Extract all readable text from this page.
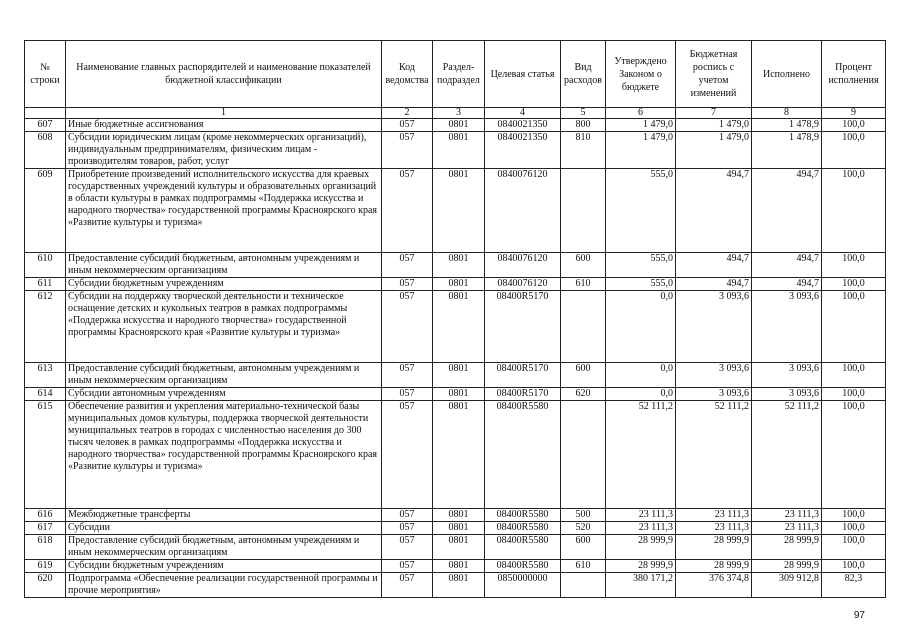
№ строки	Наименование главных распорядителей и наименование показателей бюджетной классификации	Код ведомства	Раздел-подраздел	Целевая статья	Вид расходов	Утверждено Законом о бюджете	Бюджетная роспись с учетом изменений	Исполнено	Процент исполнения
	1	2	3	4	5	6	7	8	9
607	Иные бюджетные ассигнования	057	0801	0840021350	800	1 479,0	1 479,0	1 478,9	100,0
608	Субсидии юридическим лицам (кроме некоммерческих организаций), индивидуальным предпринимателям, физическим лицам - производителям товаров, работ, услуг	057	0801	0840021350	810	1 479,0	1 479,0	1 478,9	100,0
609	Приобретение произведений исполнительского искусства для краевых государственных учреждений культуры и образовательных организаций в области культуры в рамках подпрограммы «Поддержка искусства и народного творчества» государственной программы Красноярского края «Развитие культуры и туризма»	057	0801	0840076120		555,0	494,7	494,7	100,0
610	Предоставление субсидий бюджетным, автономным учреждениям и иным некоммерческим организациям	057	0801	0840076120	600	555,0	494,7	494,7	100,0
611	Субсидии бюджетным учреждениям	057	0801	0840076120	610	555,0	494,7	494,7	100,0
612	Субсидии на поддержку творческой деятельности и техническое оснащение детских и кукольных театров в рамках подпрограммы «Поддержка искусства и народного творчества» государственной программы Красноярского края «Развитие культуры и туризма»	057	0801	08400R5170		0,0	3 093,6	3 093,6	100,0
613	Предоставление субсидий бюджетным, автономным учреждениям и иным некоммерческим организациям	057	0801	08400R5170	600	0,0	3 093,6	3 093,6	100,0
614	Субсидии автономным учреждениям	057	0801	08400R5170	620	0,0	3 093,6	3 093,6	100,0
615	Обеспечение развития и укрепления материально-технической базы муниципальных домов культуры, поддержка творческой деятельности муниципальных театров в городах с численностью населения до 300 тысяч человек в рамках подпрограммы «Поддержка искусства и народного творчества» государственной программы Красноярского края «Развитие культуры и туризма»	057	0801	08400R5580		52 111,2	52 111,2	52 111,2	100,0
616	Межбюджетные трансферты	057	0801	08400R5580	500	23 111,3	23 111,3	23 111,3	100,0
617	Субсидии	057	0801	08400R5580	520	23 111,3	23 111,3	23 111,3	100,0
618	Предоставление субсидий бюджетным, автономным учреждениям и иным некоммерческим организациям	057	0801	08400R5580	600	28 999,9	28 999,9	28 999,9	100,0
619	Субсидии бюджетным учреждениям	057	0801	08400R5580	610	28 999,9	28 999,9	28 999,9	100,0
620	Подпрограмма «Обеспечение реализации государственной программы и прочие мероприятия»	057	0801	0850000000		380 171,2	376 374,8	309 912,8	82,3
97
